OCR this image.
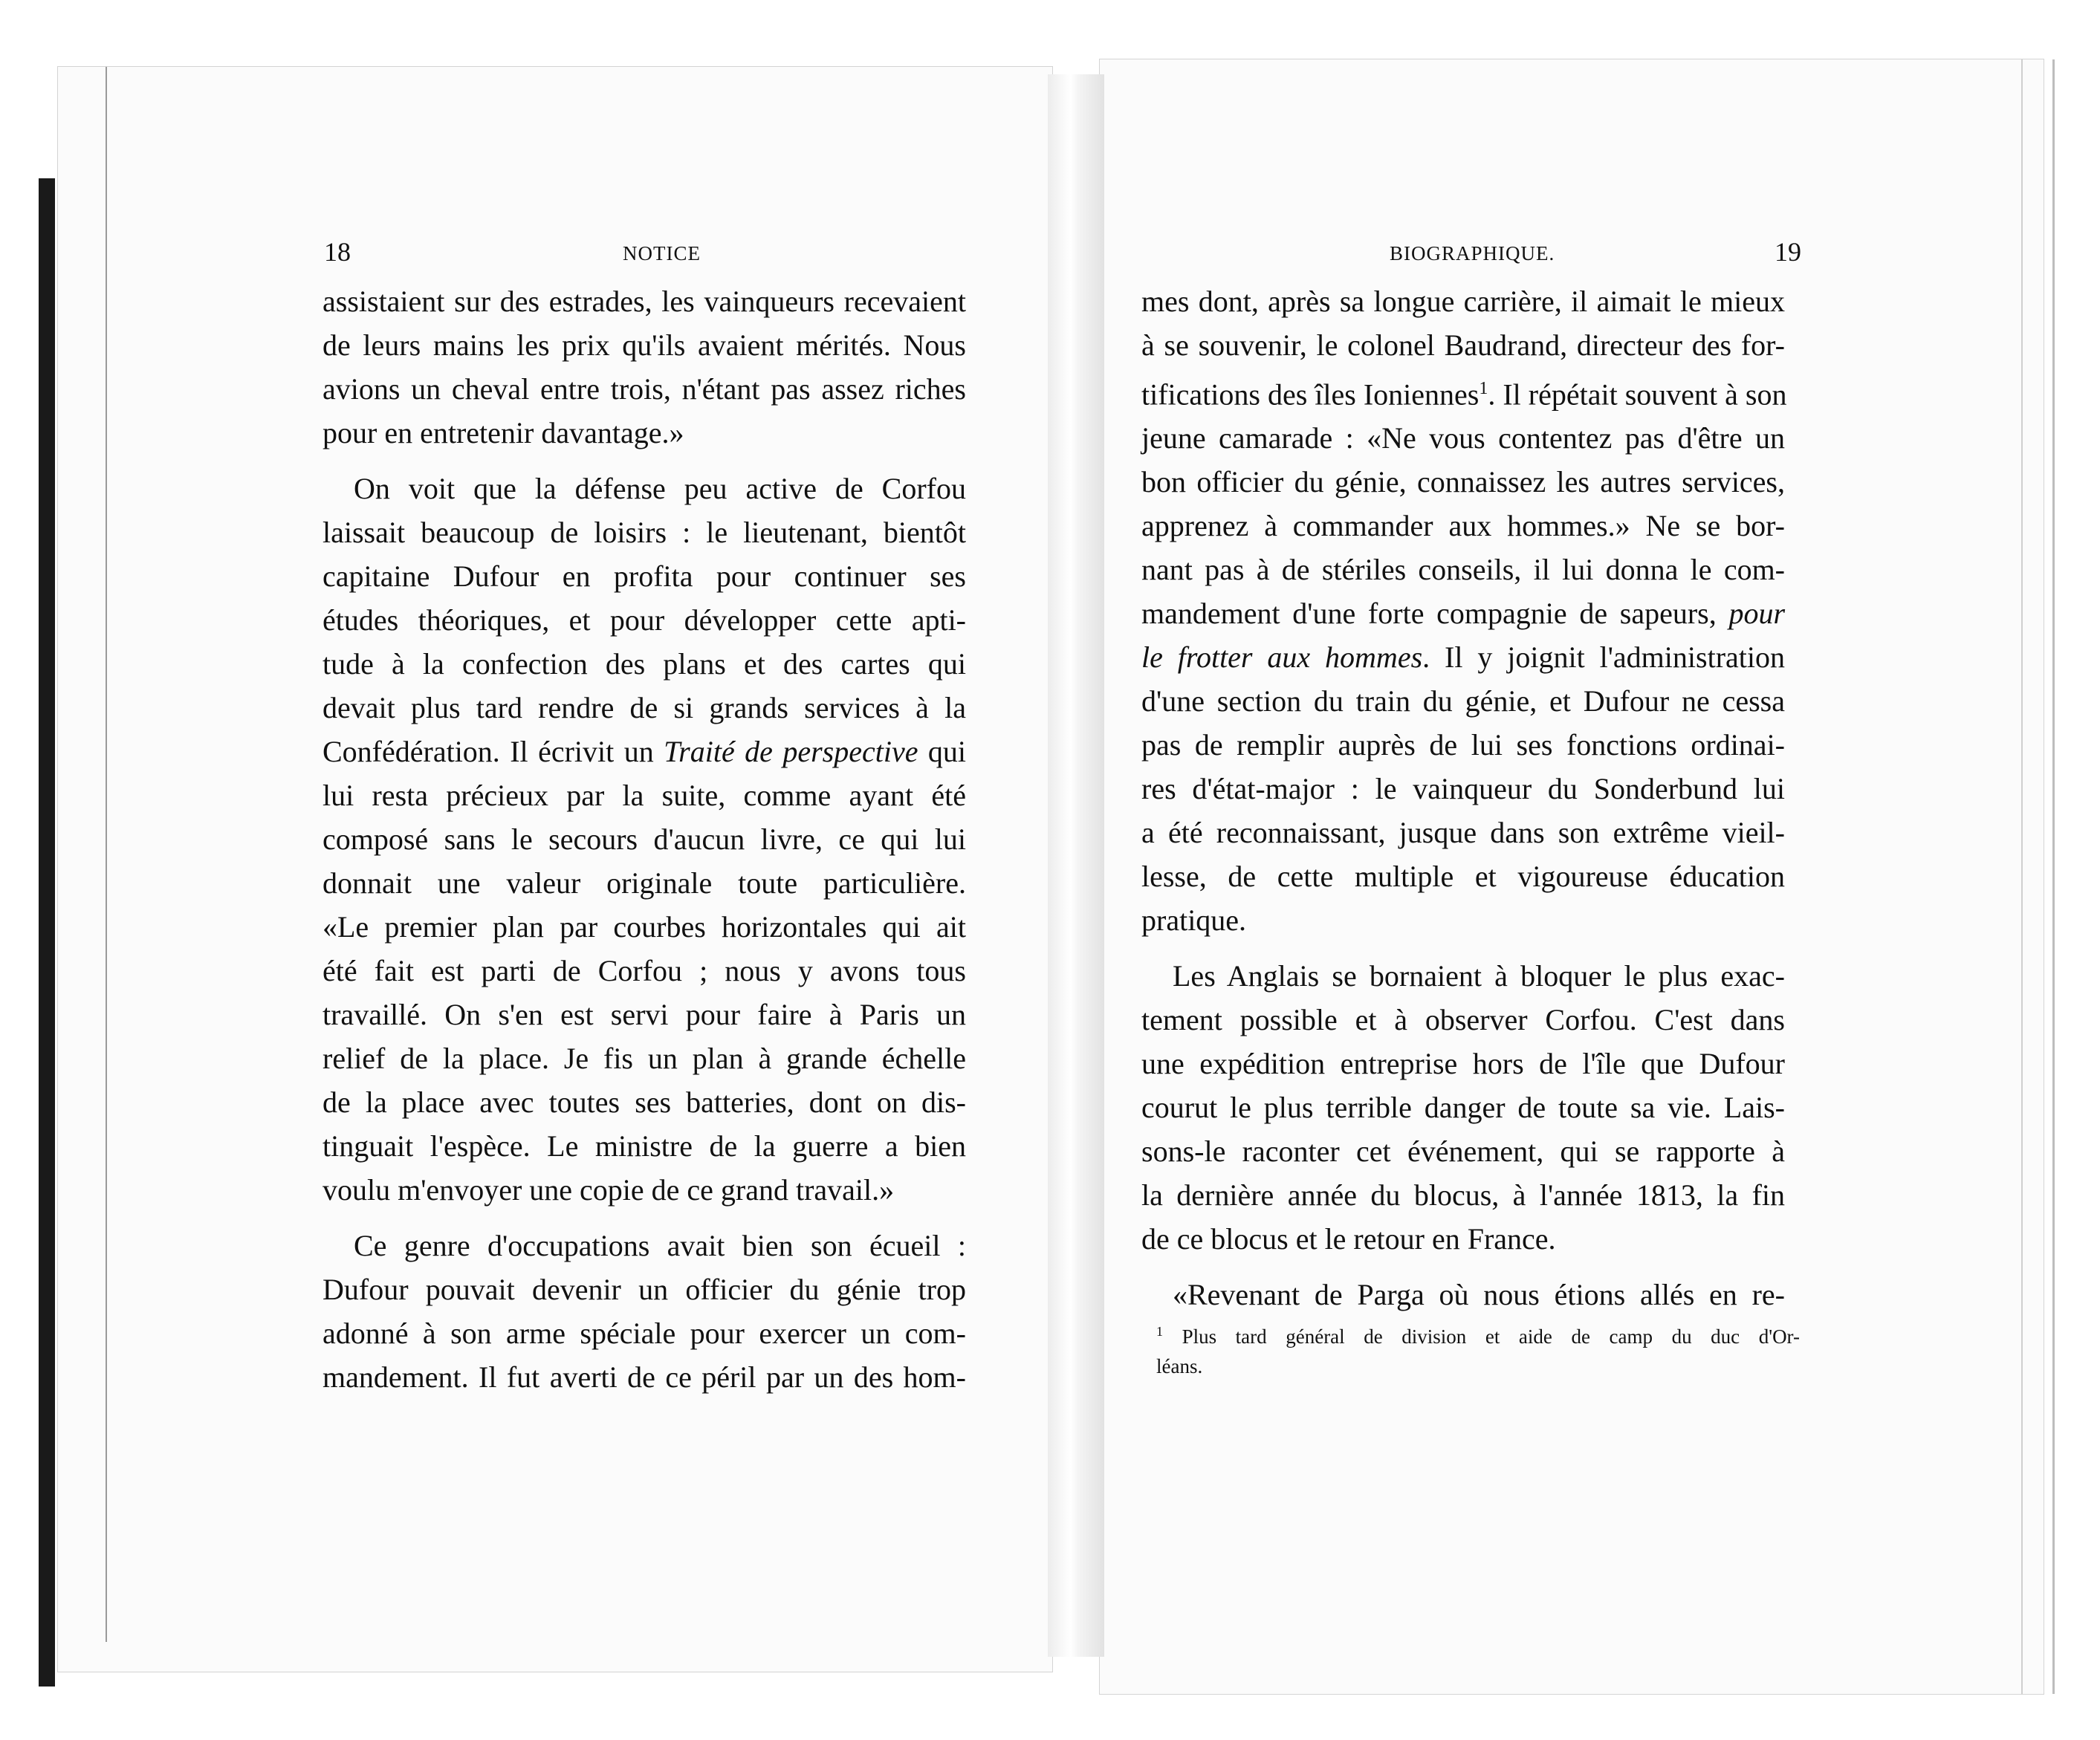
18	NOTICE
assistaient sur des estrades, les vainqueurs recevaient
de leurs mains les prix qu'ils avaient mérités. Nous
avions un cheval entre trois, n'étant pas assez riches
pour en entretenir davantage.»
On voit que la défense peu active de Corfou
laissait beaucoup de loisirs : le lieutenant, bientôt
capitaine Dufour en profita pour continuer ses
études théoriques, et pour développer cette apti-
tude à la confection des plans et des cartes qui
devait plus tard rendre de si grands services à la
Confédération. Il écrivit un Traité de perspective qui
lui resta précieux par la suite, comme ayant été
composé sans le secours d'aucun livre, ce qui lui
donnait une valeur originale toute particulière.
«Le premier plan par courbes horizontales qui ait
été fait est parti de Corfou ; nous y avons tous
travaillé. On s'en est servi pour faire à Paris un
relief de la place. Je fis un plan à grande échelle
de la place avec toutes ses batteries, dont on dis-
tinguait l'espèce. Le ministre de la guerre a bien
voulu m'envoyer une copie de ce grand travail.»
Ce genre d'occupations avait bien son écueil :
Dufour pouvait devenir un officier du génie trop
adonné à son arme spéciale pour exercer un com-
mandement. Il fut averti de ce péril par un des hom-
BIOGRAPHIQUE.	19
mes dont, après sa longue carrière, il aimait le mieux
à se souvenir, le colonel Baudrand, directeur des for-
tifications des îles Ioniennes$^1$. Il répétait souvent à son
jeune camarade : «Ne vous contentez pas d'être un
bon officier du génie, connaissez les autres services,
apprenez à commander aux hommes.» Ne se bor-
nant pas à de stériles conseils, il lui donna le com-
mandement d'une forte compagnie de sapeurs, pour
le frotter aux hommes. Il y joignit l'administration
d'une section du train du génie, et Dufour ne cessa
pas de remplir auprès de lui ses fonctions ordinai-
res d'état-major : le vainqueur du Sonderbund lui
a été reconnaissant, jusque dans son extrême vieil-
lesse, de cette multiple et vigoureuse éducation
pratique.
Les Anglais se bornaient à bloquer le plus exac-
tement possible et à observer Corfou. C'est dans
une expédition entreprise hors de l'île que Dufour
courut le plus terrible danger de toute sa vie. Lais-
sons-le raconter cet événement, qui se rapporte à
la dernière année du blocus, à l'année 1813, la fin
de ce blocus et le retour en France.
«Revenant de Parga où nous étions allés en re-
$^1$ Plus tard général de division et aide de camp du duc d'Or-
léans.
